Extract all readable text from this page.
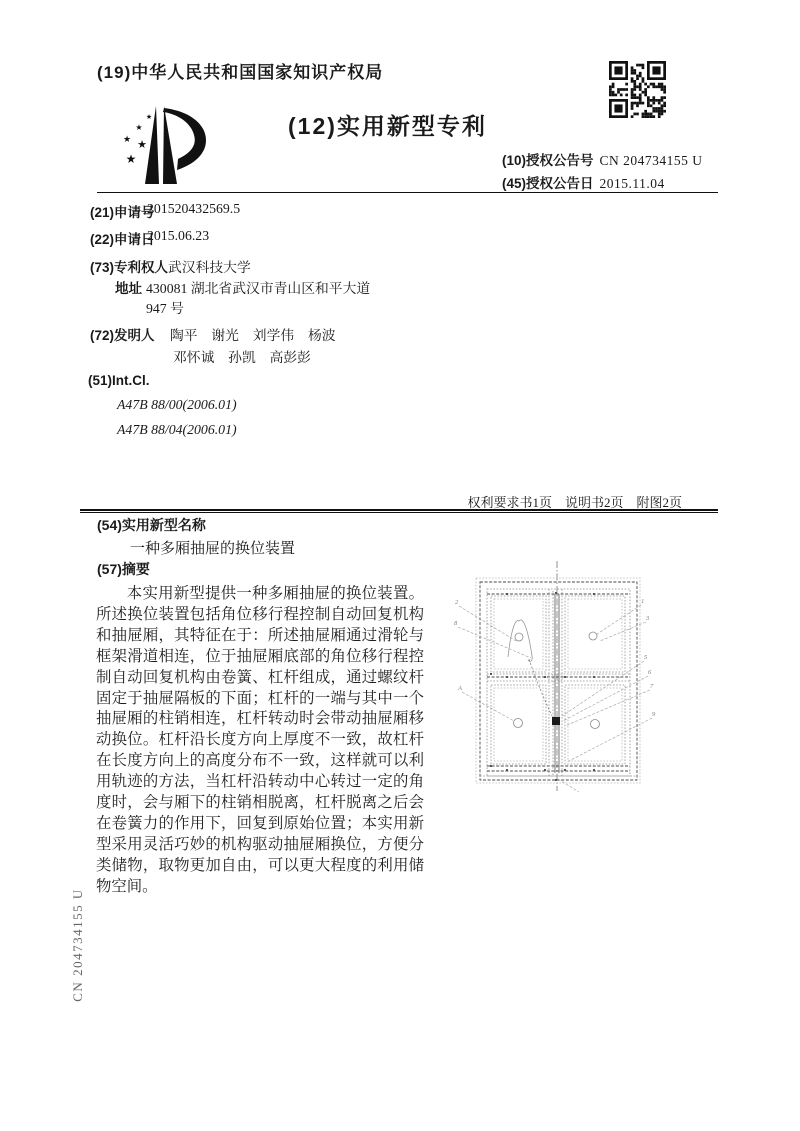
(19)中华人民共和国国家知识产权局
★
★
★ ★
★
(12)实用新型专利
(10)授权公告号 CN 204734155 U
(45)授权公告日 2015.11.04
(21)申请号
201520432569.5
(22)申请日
2015.06.23
(73)专利权人 武汉科技大学
地址 430081 湖北省武汉市青山区和平大道
947 号
(72)发明人 陶平　谢光　刘学伟　杨波
邓怀诚　孙凯　高彭彭
(51)Int.Cl.
A47B 88/00(2006.01)
A47B 88/04(2006.01)
权利要求书1页　说明书2页　附图2页
(54)实用新型名称
一种多厢抽屉的换位装置
(57)摘要
本实用新型提供一种多厢抽屉的换位装置。所述换位装置包括角位移行程控制自动回复机构和抽屉厢，其特征在于：所述抽屉厢通过滑轮与框架滑道相连，位于抽屉厢底部的角位移行程控制自动回复机构由卷簧、杠杆组成，通过螺纹杆固定于抽屉隔板的下面；杠杆的一端与其中一个抽屉厢的柱销相连，杠杆转动时会带动抽屉厢移动换位。杠杆沿长度方向上厚度不一致，故杠杆在长度方向上的高度分布不一致，这样就可以利用轨迹的方法，当杠杆沿转动中心转过一定的角度时，会与厢下的柱销相脱离，杠杆脱离之后会在卷簧力的作用下，回复到原始位置；本实用新型采用灵活巧妙的机构驱动抽屉厢换位，方便分类储物，取物更加自由，可以更大程度的利用储物空间。
2
8
A
1
3
5
6
7
9
CN 204734155 U
